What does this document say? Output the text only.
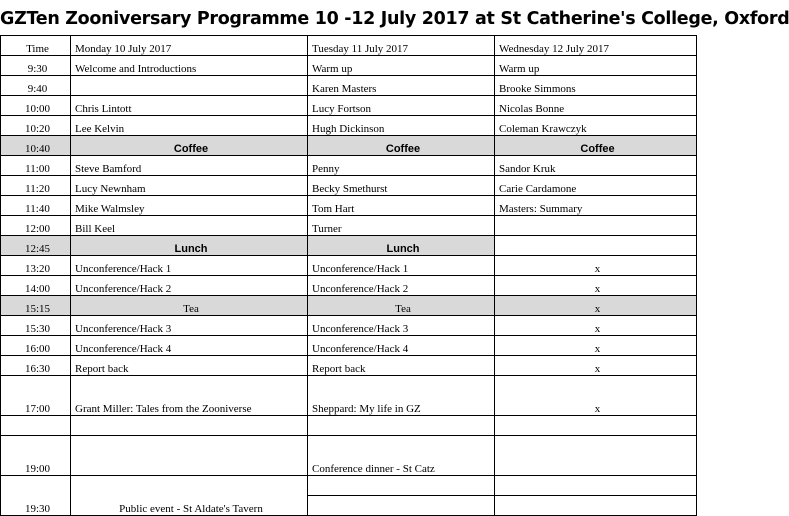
GZTen Zooniversary Programme 10 -12 July 2017 at St Catherine's College, Oxford
Time	Monday 10 July 2017	Tuesday 11 July 2017	Wednesday 12 July 2017
9:30	Welcome and Introductions	Warm up	Warm up
9:40		Karen Masters	Brooke Simmons
10:00	Chris Lintott	Lucy Fortson	Nicolas Bonne
10:20	Lee Kelvin	Hugh Dickinson	Coleman Krawczyk
10:40	Coffee	Coffee	Coffee
11:00	Steve Bamford	Penny	Sandor Kruk
11:20	Lucy Newnham	Becky Smethurst	Carie Cardamone
11:40	Mike Walmsley	Tom Hart	Masters: Summary
12:00	Bill Keel	Turner	
12:45	Lunch	Lunch	
13:20	Unconference/Hack 1	Unconference/Hack 1	x
14:00	Unconference/Hack 2	Unconference/Hack 2	x
15:15	Tea	Tea	x
15:30	Unconference/Hack 3	Unconference/Hack 3	x
16:00	Unconference/Hack 4	Unconference/Hack 4	x
16:30	Report back	Report back	x
17:00	Grant Miller: Tales from the Zooniverse	Sheppard: My life in GZ	x

19:00		Conference dinner - St Catz	

19:30	Public event - St Aldate's Tavern		
